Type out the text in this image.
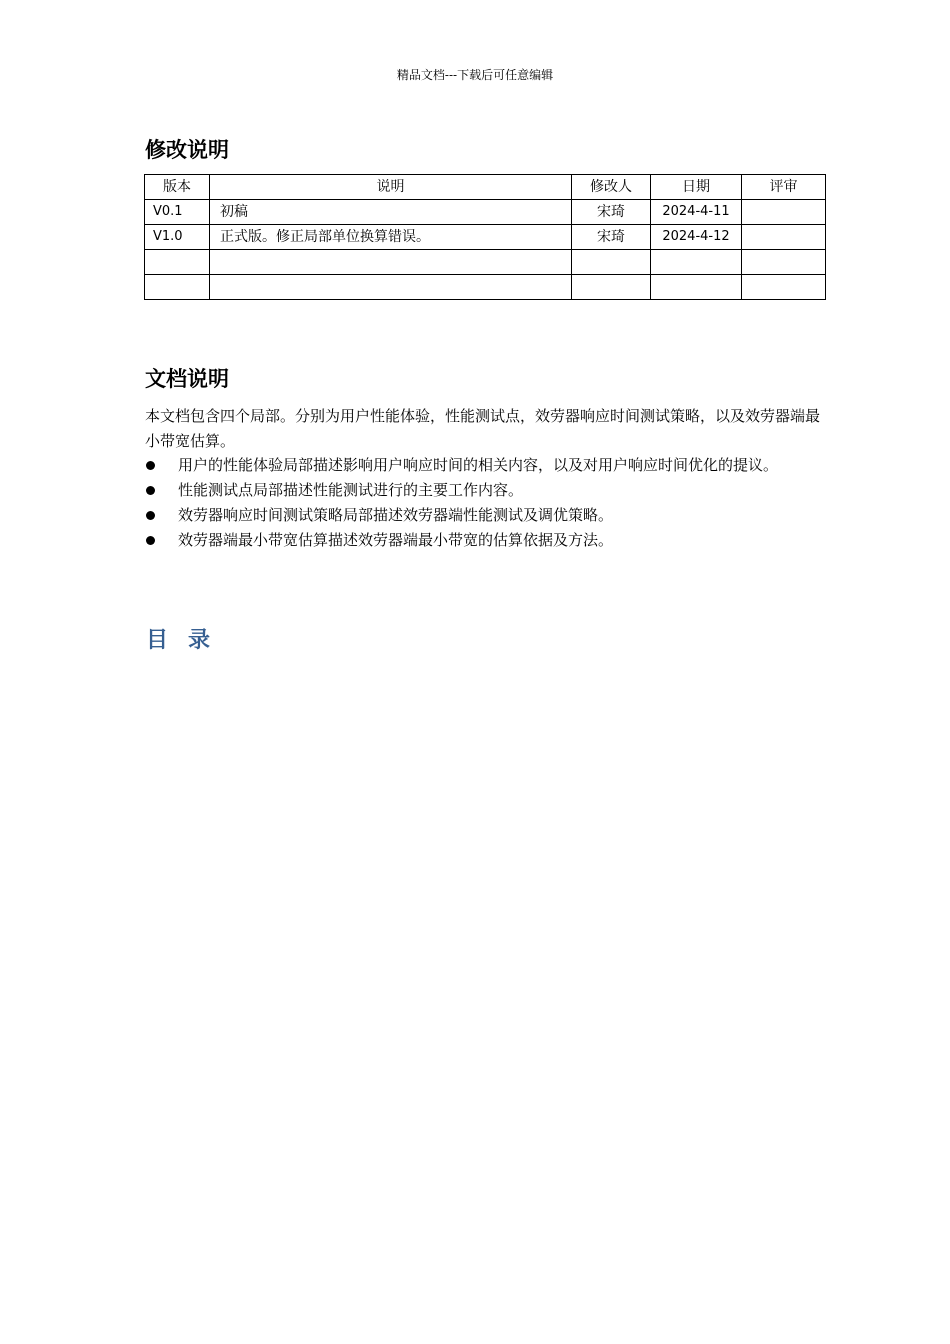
精品文档---下载后可任意编辑
修改说明
版本	说明	修改人	日期	评审
V0.1	初稿	宋琦	2024-4-11	
V1.0	正式版。修正局部单位换算错误。	宋琦	2024-4-12	

文档说明

本文档包含四个局部。分别为用户性能体验，性能测试点，效劳器响应时间测试策略，以及效劳器端最小带宽估算。

用户的性能体验局部描述影响用户响应时间的相关内容，以及对用户响应时间优化的提议。
性能测试点局部描述性能测试进行的主要工作内容。
效劳器响应时间测试策略局部描述效劳器端性能测试及调优策略。
效劳器端最小带宽估算描述效劳器端最小带宽的估算依据及方法。
目录
